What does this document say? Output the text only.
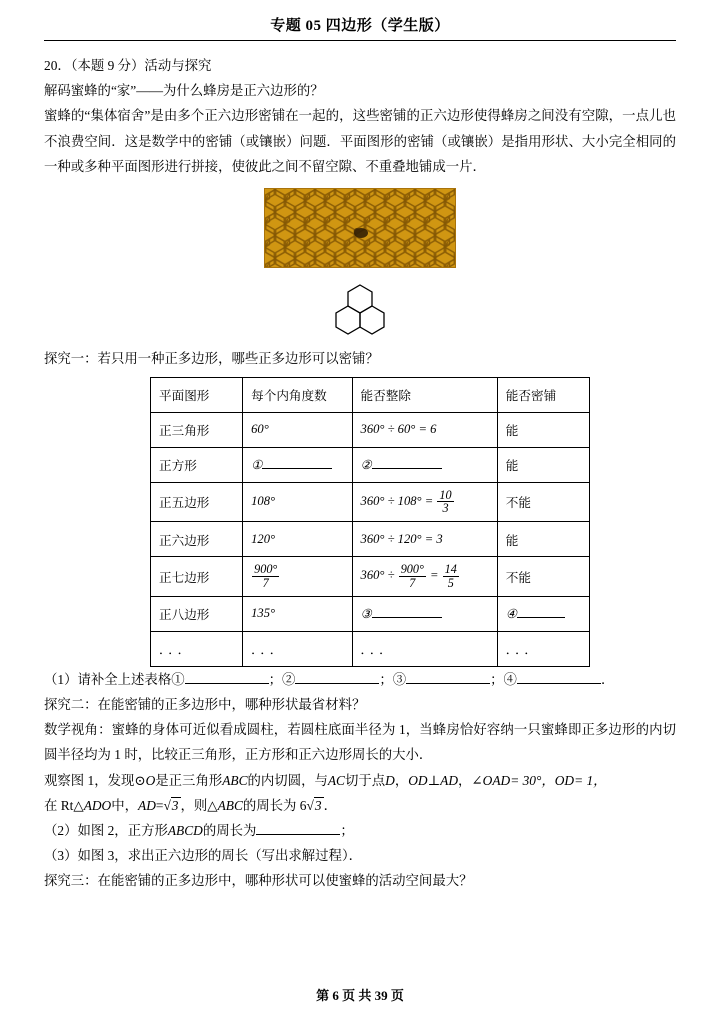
专题 05 四边形（学生版）
20．（本题 9 分）活动与探究
解码蜜蜂的“家”——为什么蜂房是正六边形的？
蜜蜂的“集体宿舍”是由多个正六边形密铺在一起的，这些密铺的正六边形使得蜂房之间没有空隙，一点儿也不浪费空间．这是数学中的密铺（或镶嵌）问题．平面图形的密铺（或镶嵌）是指用形状、大小完全相同的一种或多种平面图形进行拼接，使彼此之间不留空隙、不重叠地铺成一片．
探究一：若只用一种正多边形，哪些正多边形可以密铺？
平面图形	每个内角度数	能否整除	能否密铺
正三角形	60°	360° ÷ 60° = 6	能
正方形	①	②	能
正五边形	108°	$360^\circ \div 108^\circ = \frac{10}{3}$	不能
正六边形	120°	360° ÷ 120° = 3	能
正七边形	$\frac{900^\circ}{7}$	$360^\circ \div \frac{900^\circ}{7} = \frac{14}{5}$	不能
正八边形	135°	③	④
．．．	．．．	．．．	．．．
（1）请补全上述表格①	；②	；③	；④	．
探究二：在能密铺的正多边形中，哪种形状最省材料？
数学视角：蜜蜂的身体可近似看成圆柱，若圆柱底面半径为 1，当蜂房恰好容纳一只蜜蜂即正多边形的内切圆半径均为 1 时，比较正三角形，正方形和正六边形周长的大小．
观察图 1，发现⊙O是正三角形ABC的内切圆，与AC切于点D，OD⊥AD，∠OAD= 30°，OD= 1，
在 Rt△ADO中，AD=√3 ，则△ABC的周长为 6√3 ．
（2）如图 2，正方形ABCD的周长为	；
（3）如图 3，求出正六边形的周长（写出求解过程）．
探究三：在能密铺的正多边形中，哪种形状可以使蜜蜂的活动空间最大？
第 6 页 共 39 页
